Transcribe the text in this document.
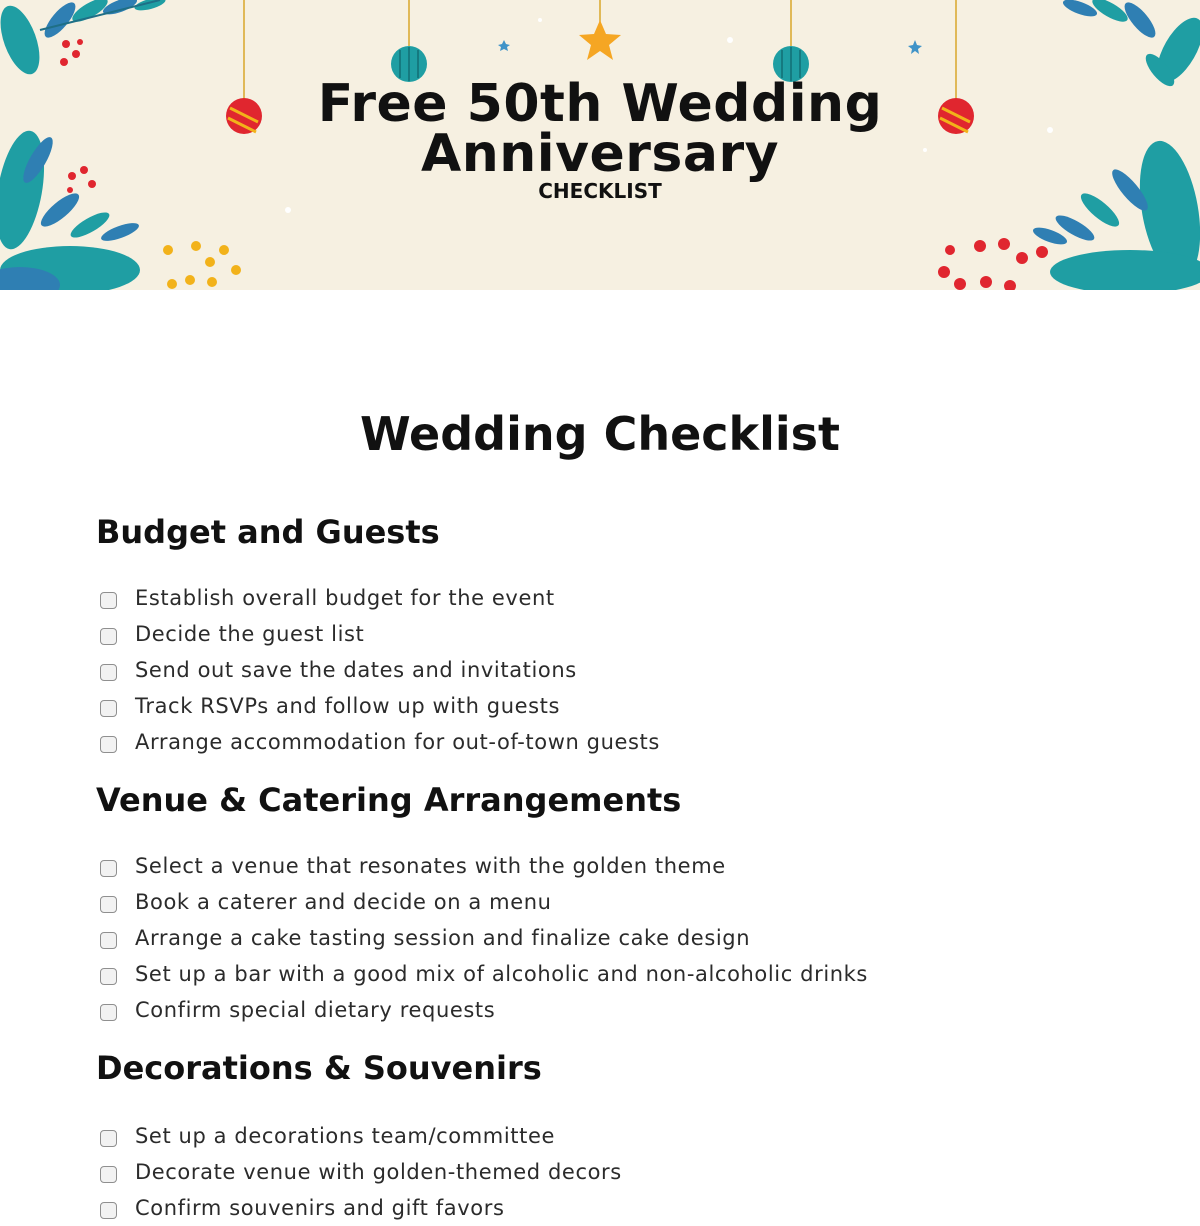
Free 50th Wedding
Anniversary
CHECKLIST
Wedding Checklist
Budget and Guests
Establish overall budget for the event
Decide the guest list
Send out save the dates and invitations
Track RSVPs and follow up with guests
Arrange accommodation for out-of-town guests
Venue & Catering Arrangements
Select a venue that resonates with the golden theme
Book a caterer and decide on a menu
Arrange a cake tasting session and finalize cake design
Set up a bar with a good mix of alcoholic and non-alcoholic drinks
Confirm special dietary requests
Decorations & Souvenirs
Set up a decorations team/committee
Decorate venue with golden-themed decors
Confirm souvenirs and gift favors
